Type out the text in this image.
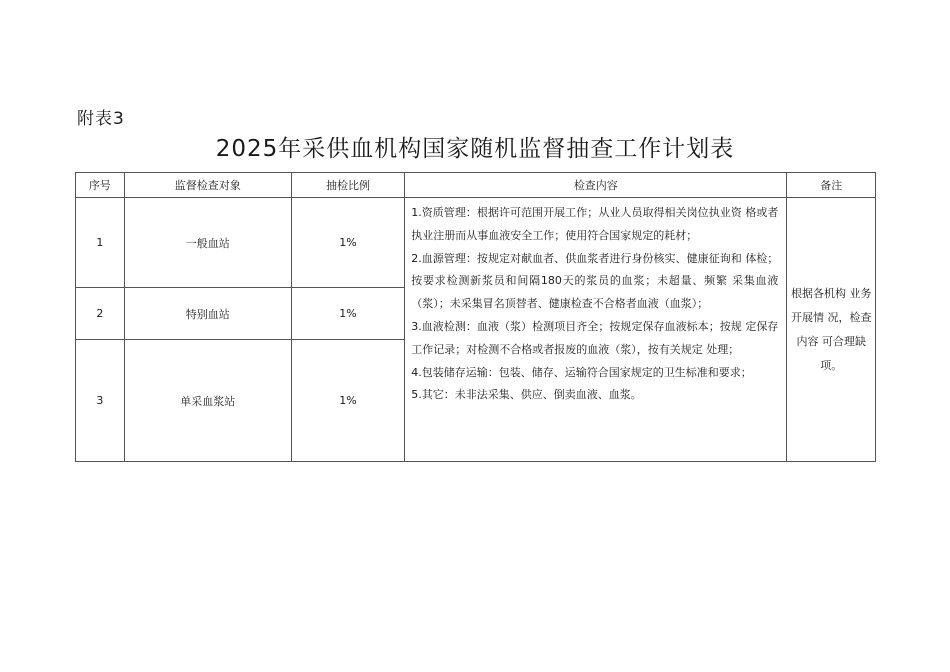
附表3
2025年采供血机构国家随机监督抽查工作计划表
序号	监督检查对象	抽检比例	检查内容	备注
1	一般血站	1%	1.资质管理：根据许可范围开展工作；从业人员取得相关岗位执业资 格或者执业注册而从事血液安全工作；使用符合国家规定的耗材；
2.血源管理：按规定对献血者、供血浆者进行身份核实、健康征询和 体检；按要求检测新浆员和间隔180天的浆员的血浆；未超量、频繁 采集血液（浆）；未采集冒名顶替者、健康检查不合格者血液（血浆）；
3.血液检测：血液（浆）检测项目齐全；按规定保存血液标本；按规 定保存工作记录；对检测不合格或者报废的血液（浆），按有关规定 处理；
4.包装储存运输：包装、储存、运输符合国家规定的卫生标准和要求；
5.其它：未非法采集、供应、倒卖血液、血浆。	根据各机构 业务开展情 况，检查内容 可合理缺项。
2	特别血站	1%		
3	单采血浆站	1%		
